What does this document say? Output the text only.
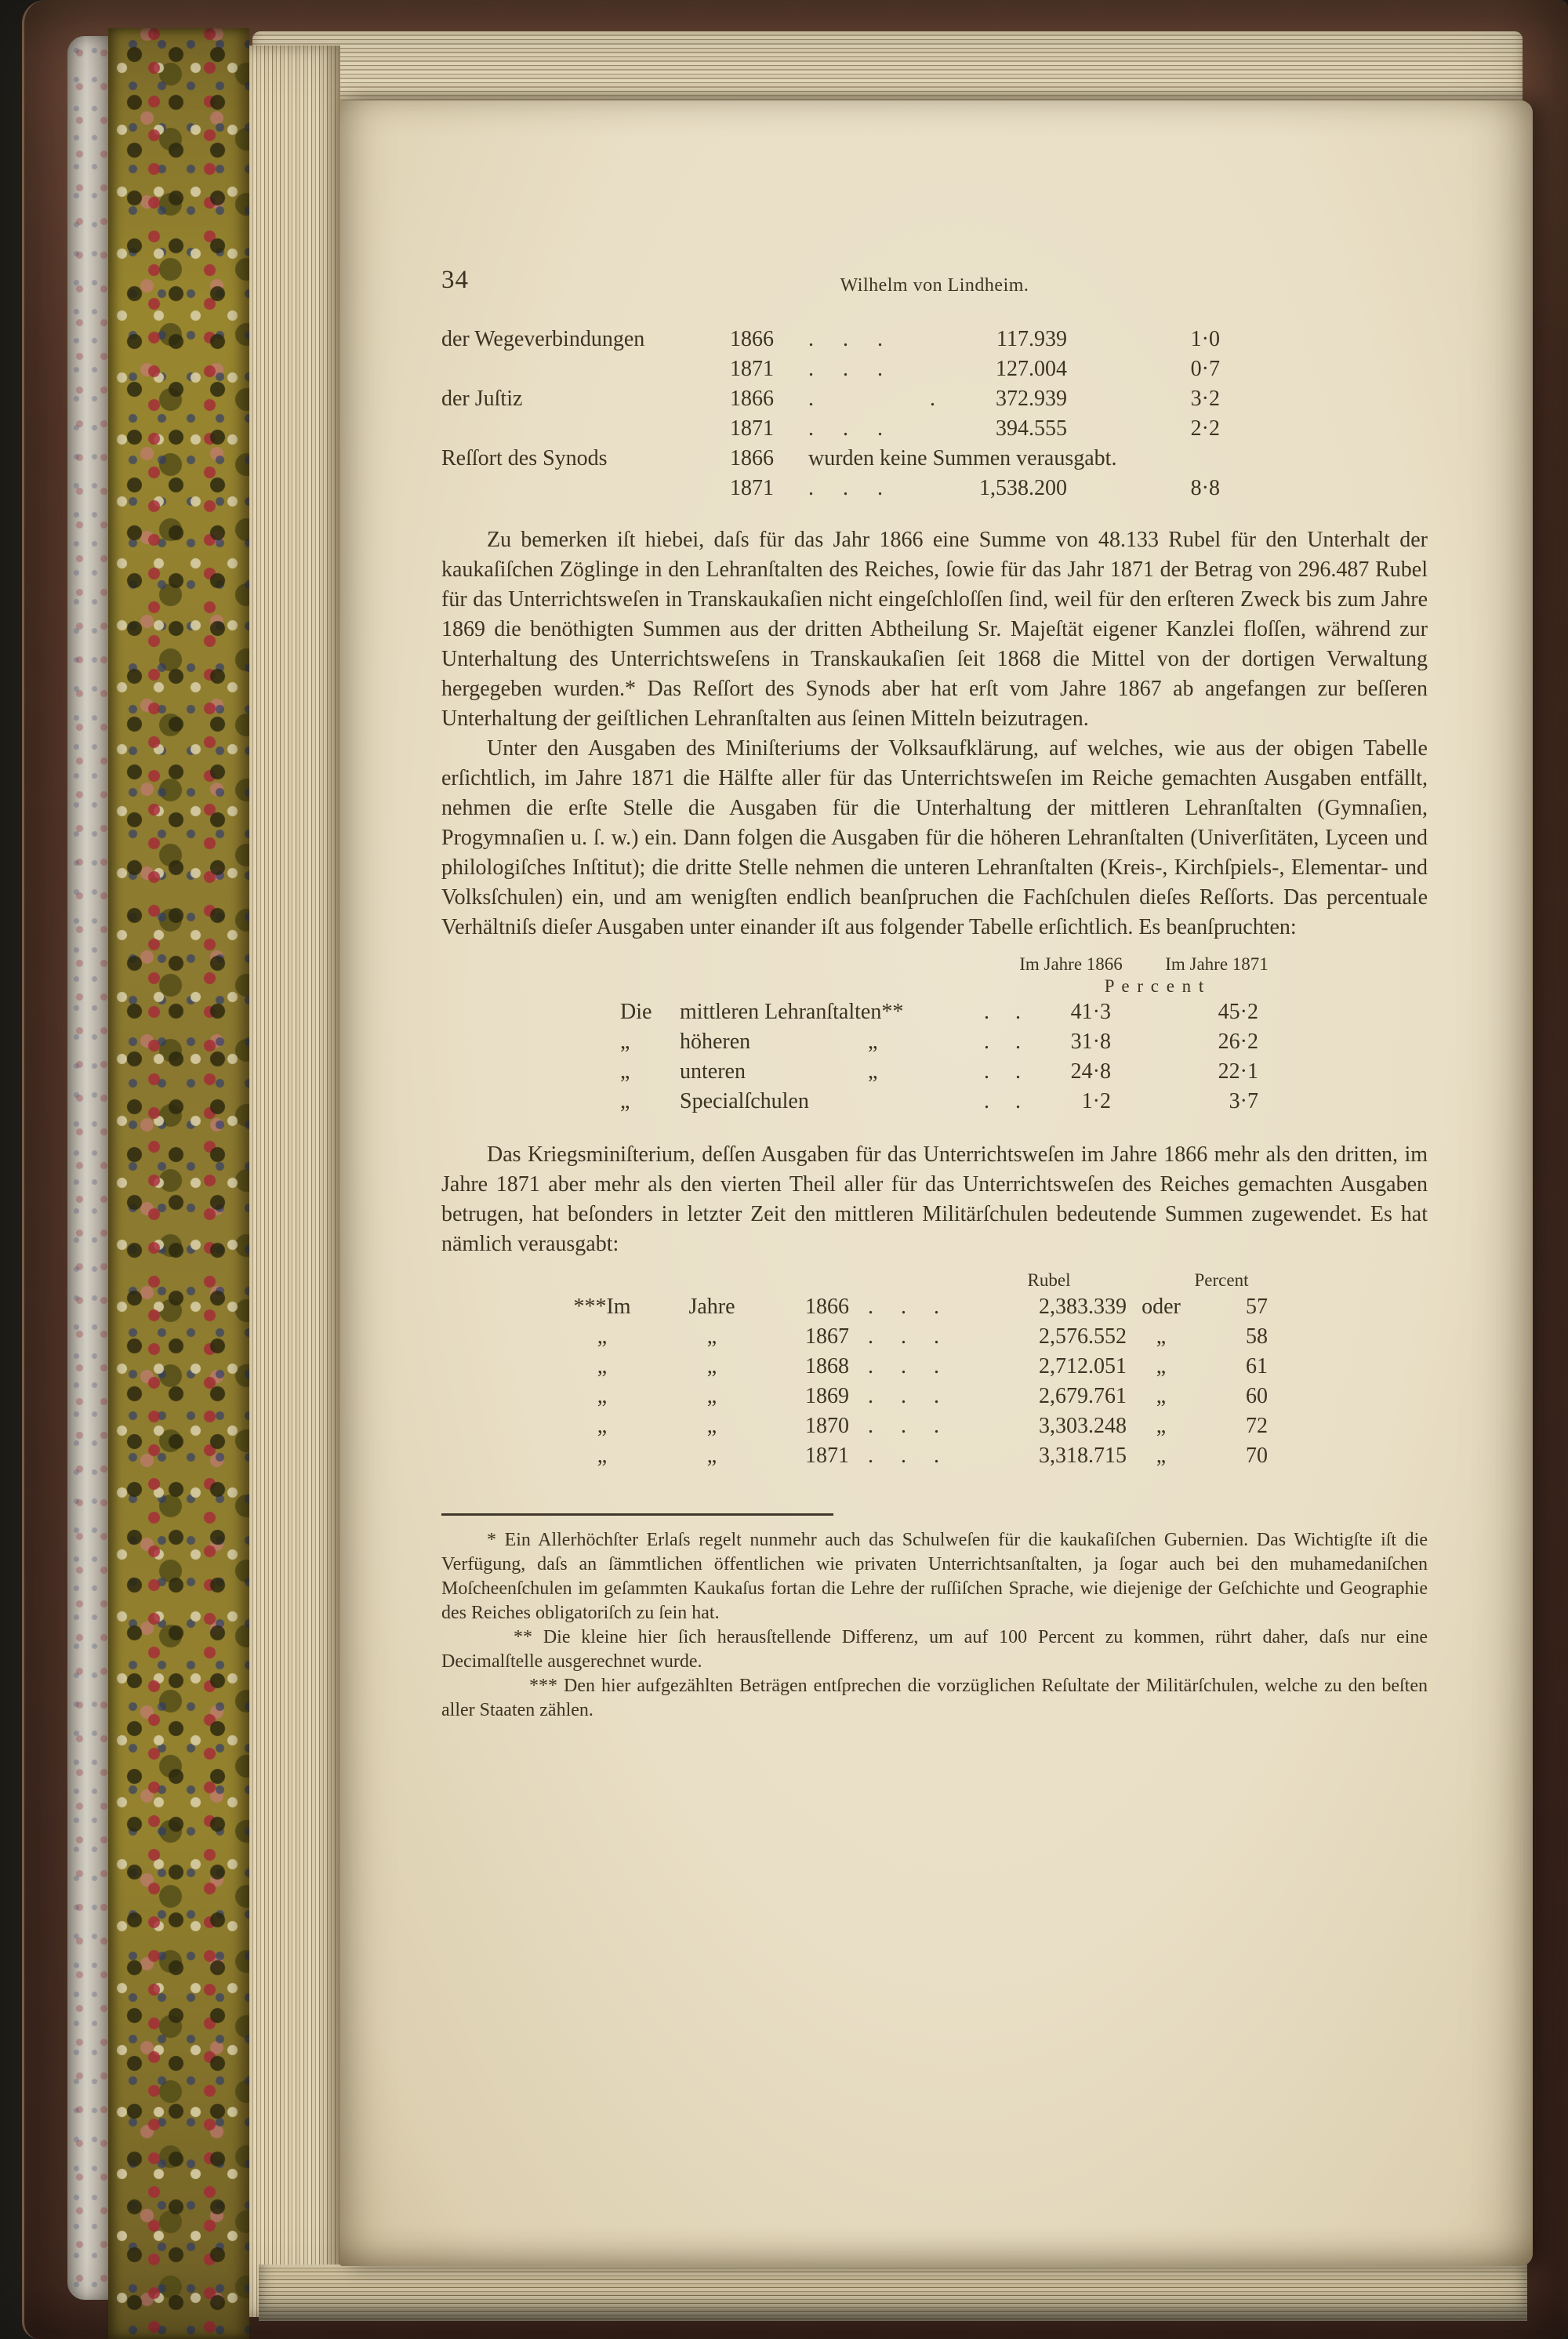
34	Wilhelm von Lindheim.
der Wegeverbindungen	1866	. . .	117.939	1·0
1871	. . .	127.004	0·7
der Juſtiz	1866	.    .	372.939	3·2
1871	. . .	394.555	2·2
Reſſort des Synods	1866	wurden keine Summen verausgabt.
1871	. . .	1,538.200	8·8

Zu bemerken iſt hiebei, daſs für das Jahr 1866 eine Summe von 48.133 Rubel für den Unterhalt der kaukaſiſchen Zöglinge in den Lehranſtalten des Reiches, ſowie für das Jahr 1871 der Betrag von 296.487 Rubel für das Unterrichtsweſen in Transkaukaſien nicht eingeſchloſſen ſind, weil für den erſteren Zweck bis zum Jahre 1869 die benöthigten Summen aus der dritten Abtheilung Sr. Majeſtät eigener Kanzlei floſſen, während zur Unterhaltung des Unterrichtsweſens in Transkaukaſien ſeit 1868 die Mittel von der dortigen Verwaltung hergegeben wurden.* Das Reſſort des Synods aber hat erſt vom Jahre 1867 ab angefangen zur beſſeren Unterhaltung der geiſtlichen Lehranſtalten aus ſeinen Mitteln beizutragen.

Unter den Ausgaben des Miniſteriums der Volksaufklärung, auf welches, wie aus der obigen Tabelle erſichtlich, im Jahre 1871 die Hälfte aller für das Unterrichtsweſen im Reiche gemachten Ausgaben entfällt, nehmen die erſte Stelle die Ausgaben für die Unterhaltung der mittleren Lehranſtalten (Gymnaſien, Progymnaſien u. ſ. w.) ein. Dann folgen die Ausgaben für die höheren Lehranſtalten (Univerſitäten, Lyceen und philologiſches Inſtitut); die dritte Stelle nehmen die unteren Lehranſtalten (Kreis-, Kirchſpiels-, Elementar- und Volksſchulen) ein, und am wenigſten endlich beanſpruchen die Fachſchulen dieſes Reſſorts. Das percentuale Verhältniſs dieſer Ausgaben unter einander iſt aus folgender Tabelle erſichtlich. Es beanſpruchten:

Im Jahre 1866	Im Jahre 1871
P e r c e n t
Die	mittleren Lehranſtalten**	. .	41·3	45·2
„	höheren	„	. .	31·8	26·2
„	unteren	„	. .	24·8	22·1
„	Specialſchulen	. .	1·2	3·7

Das Kriegsminiſterium, deſſen Ausgaben für das Unterrichtsweſen im Jahre 1866 mehr als den dritten, im Jahre 1871 aber mehr als den vierten Theil aller für das Unterrichtsweſen des Reiches gemachten Ausgaben betrugen, hat beſonders in letzter Zeit den mittleren Militärſchulen bedeutende Summen zugewendet. Es hat nämlich verausgabt:

Rubel	Percent
***Im	Jahre	1866 . . .	2,383.339 oder	57
„	„	1867 . . .	2,576.552	„	58
„	„	1868 . . .	2,712.051	„	61
„	„	1869 . . .	2,679.761	„	60
„	„	1870 . . .	3,303.248	„	72
„	„	1871 . . .	3,318.715	„	70

* Ein Allerhöchſter Erlaſs regelt nunmehr auch das Schulweſen für die kaukaſiſchen Gubernien. Das Wichtigſte iſt die Verfügung, daſs an ſämmtlichen öffentlichen wie privaten Unterrichtsanſtalten, ja ſogar auch bei den muhamedaniſchen Moſcheenſchulen im geſammten Kaukaſus fortan die Lehre der ruſſiſchen Sprache, wie diejenige der Geſchichte und Geographie des Reiches obligatoriſch zu ſein hat.

** Die kleine hier ſich herausſtellende Differenz, um auf 100 Percent zu kommen, rührt daher, daſs nur eine Decimalſtelle ausgerechnet wurde.

*** Den hier aufgezählten Beträgen entſprechen die vorzüglichen Reſultate der Militärſchulen, welche zu den beſten aller Staaten zählen.
